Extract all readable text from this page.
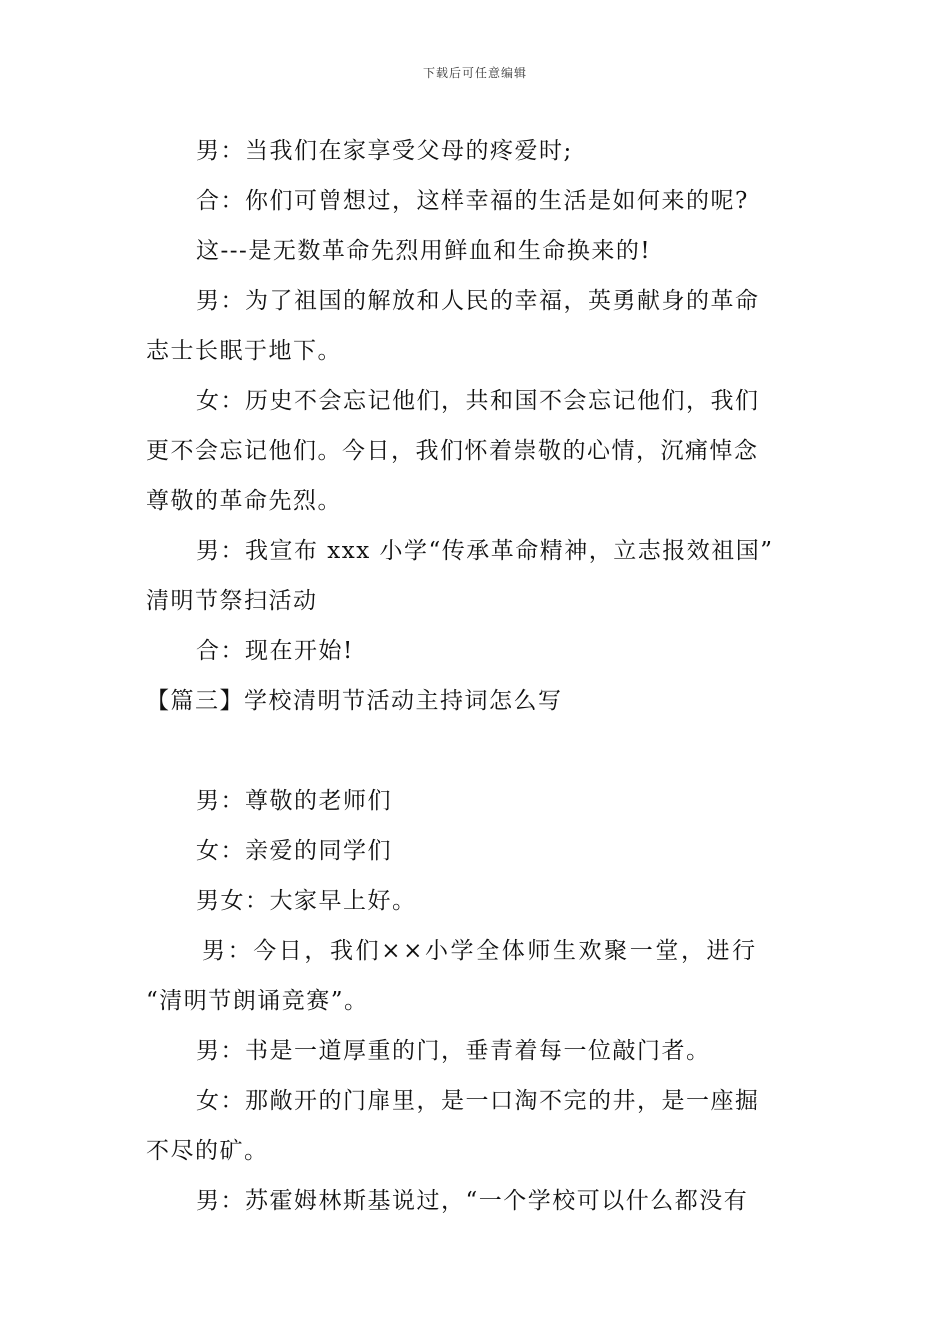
下载后可任意编辑
男：当我们在家享受父母的疼爱时;
合：你们可曾想过，这样幸福的生活是如何来的呢?
这---是无数革命先烈用鲜血和生命换来的!
男：为了祖国的解放和人民的幸福，英勇献身的革命
志士长眠于地下。
女：历史不会忘记他们，共和国不会忘记他们，我们
更不会忘记他们。今日，我们怀着崇敬的心情，沉痛悼念
尊敬的革命先烈。
男：我宣布 xxx 小学“传承革命精神，立志报效祖国”
清明节祭扫活动
合：现在开始!
【篇三】学校清明节活动主持词怎么写
男：尊敬的老师们
女：亲爱的同学们
男女：大家早上好。
男：今日，我们××小学全体师生欢聚一堂，进行
“清明节朗诵竞赛”。
男：书是一道厚重的门，垂青着每一位敲门者。
女：那敞开的门扉里，是一口淘不完的井，是一座掘
不尽的矿。
男：苏霍姆林斯基说过，“一个学校可以什么都没有
